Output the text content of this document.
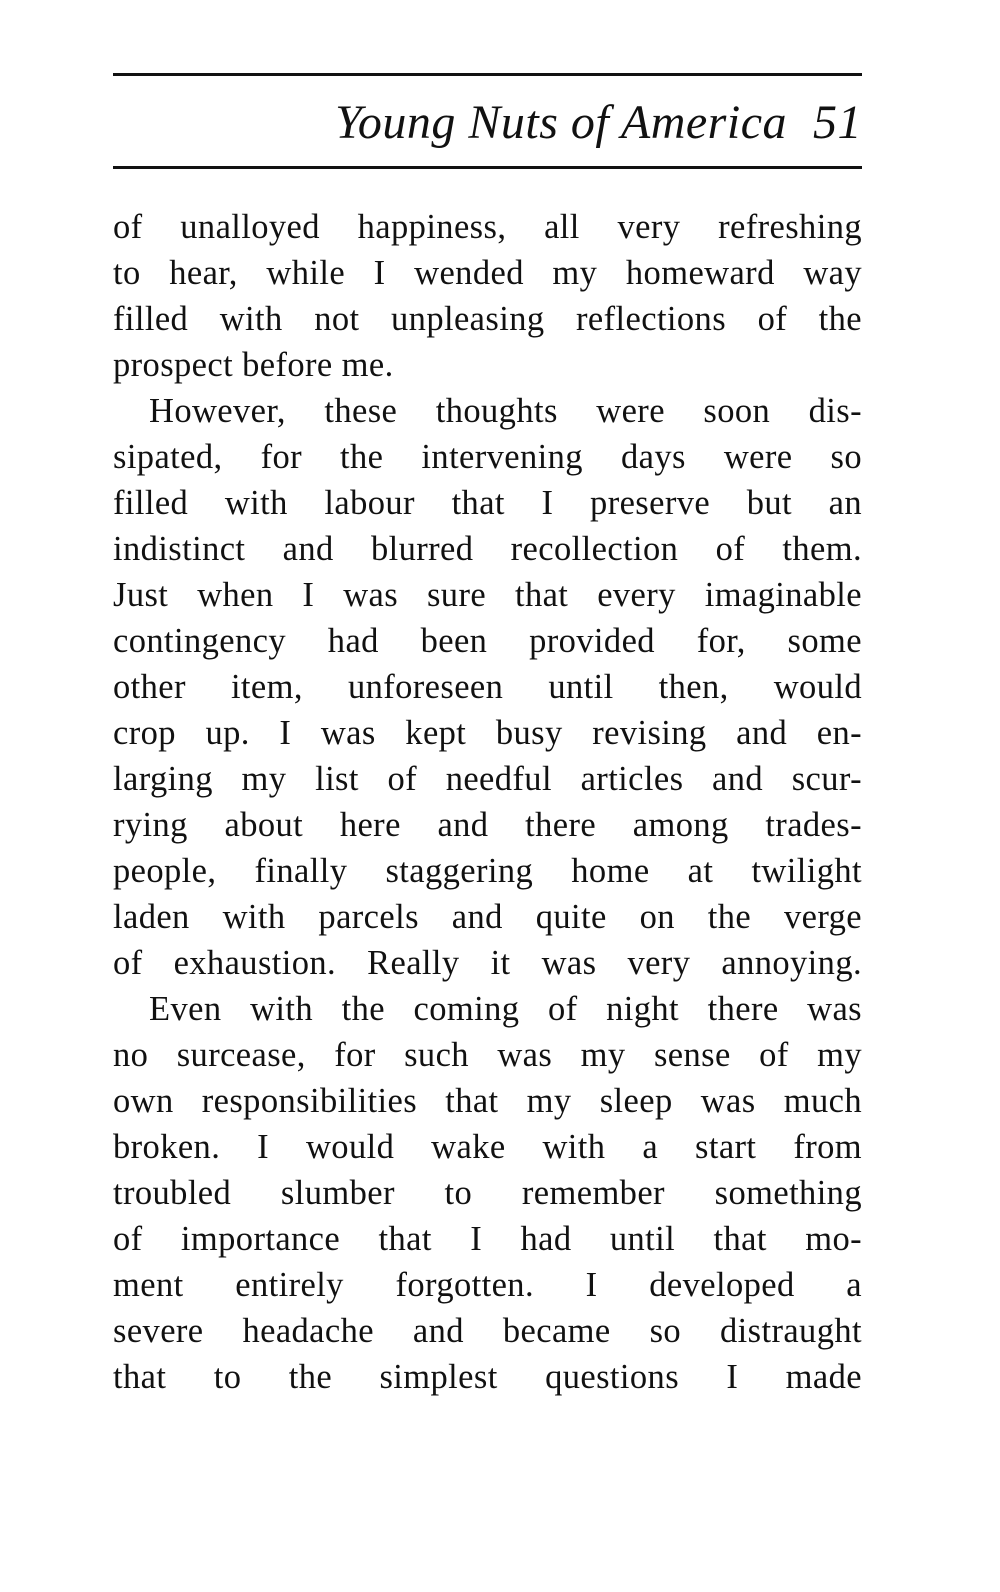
Young Nuts of America 51
of unalloyed happiness, all very refreshing
to hear, while I wended my homeward way
filled with not unpleasing reflections of the
prospect before me.
However, these thoughts were soon dis-
sipated, for the intervening days were so
filled with labour that I preserve but an
indistinct and blurred recollection of them.
Just when I was sure that every imaginable
contingency had been provided for, some
other item, unforeseen until then, would
crop up. I was kept busy revising and en-
larging my list of needful articles and scur-
rying about here and there among trades-
people, finally staggering home at twilight
laden with parcels and quite on the verge
of exhaustion. Really it was very annoying.
Even with the coming of night there was
no surcease, for such was my sense of my
own responsibilities that my sleep was much
broken. I would wake with a start from
troubled slumber to remember something
of importance that I had until that mo-
ment entirely forgotten. I developed a
severe headache and became so distraught
that to the simplest questions I made
